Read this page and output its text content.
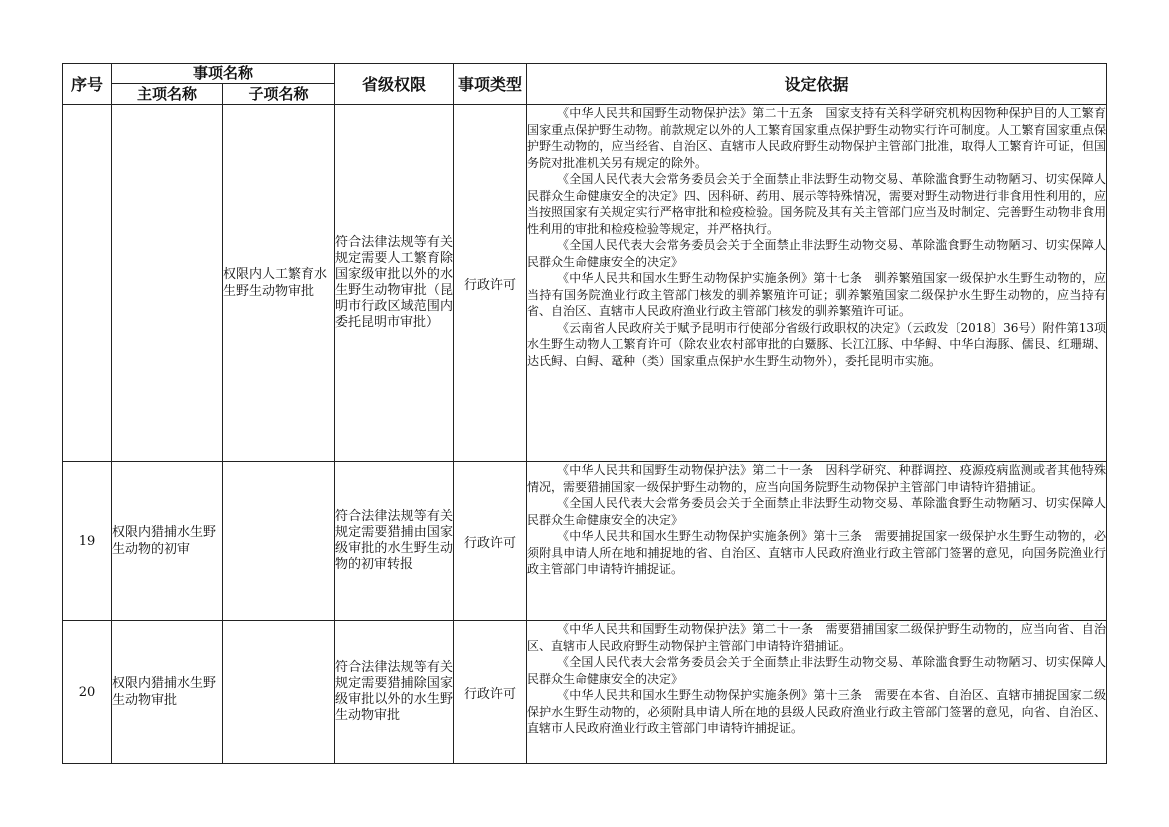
序号	事项名称		省级权限	事项类型	设定依据
	主项名称	子项名称			
		权限内人工繁育水生野生动物审批	符合法律法规等有关规定需要人工繁育除国家级审批以外的水生野生动物审批（昆明市行政区域范围内委托昆明市审批）	行政许可	《中华人民共和国野生动物保护法》第二十五条　国家支持有关科学研究机构因物种保护目的人工繁育国家重点保护野生动物。前款规定以外的人工繁育国家重点保护野生动物实行许可制度。人工繁育国家重点保护野生动物的，应当经省、自治区、直辖市人民政府野生动物保护主管部门批准，取得人工繁育许可证，但国务院对批准机关另有规定的除外。

《全国人民代表大会常务委员会关于全面禁止非法野生动物交易、革除滥食野生动物陋习、切实保障人民群众生命健康安全的决定》四、因科研、药用、展示等特殊情况，需要对野生动物进行非食用性利用的，应当按照国家有关规定实行严格审批和检疫检验。国务院及其有关主管部门应当及时制定、完善野生动物非食用性利用的审批和检疫检验等规定，并严格执行。

《全国人民代表大会常务委员会关于全面禁止非法野生动物交易、革除滥食野生动物陋习、切实保障人民群众生命健康安全的决定》

《中华人民共和国水生野生动物保护实施条例》第十七条　驯养繁殖国家一级保护水生野生动物的，应当持有国务院渔业行政主管部门核发的驯养繁殖许可证；驯养繁殖国家二级保护水生野生动物的，应当持有省、自治区、直辖市人民政府渔业行政主管部门核发的驯养繁殖许可证。

《云南省人民政府关于赋予昆明市行使部分省级行政职权的决定》（云政发〔2018〕36号）附件第13项　水生野生动物人工繁育许可（除农业农村部审批的白鱀豚、长江江豚、中华鲟、中华白海豚、儒艮、红珊瑚、达氏鲟、白鲟、鼋种（类）国家重点保护水生野生动物外），委托昆明市实施。

19	权限内猎捕水生野生动物的初审		符合法律法规等有关规定需要猎捕由国家级审批的水生野生动物的初审转报	行政许可	《中华人民共和国野生动物保护法》第二十一条　因科学研究、种群调控、疫源疫病监测或者其他特殊情况，需要猎捕国家一级保护野生动物的，应当向国务院野生动物保护主管部门申请特许猎捕证。

《全国人民代表大会常务委员会关于全面禁止非法野生动物交易、革除滥食野生动物陋习、切实保障人民群众生命健康安全的决定》

《中华人民共和国水生野生动物保护实施条例》第十三条　需要捕捉国家一级保护水生野生动物的，必须附具申请人所在地和捕捉地的省、自治区、直辖市人民政府渔业行政主管部门签署的意见，向国务院渔业行政主管部门申请特许捕捉证。

20	权限内猎捕水生野生动物审批		符合法律法规等有关规定需要猎捕除国家级审批以外的水生野生动物审批	行政许可	《中华人民共和国野生动物保护法》第二十一条　需要猎捕国家二级保护野生动物的，应当向省、自治区、直辖市人民政府野生动物保护主管部门申请特许猎捕证。

《全国人民代表大会常务委员会关于全面禁止非法野生动物交易、革除滥食野生动物陋习、切实保障人民群众生命健康安全的决定》

《中华人民共和国水生野生动物保护实施条例》第十三条　需要在本省、自治区、直辖市捕捉国家二级保护水生野生动物的，必须附具申请人所在地的县级人民政府渔业行政主管部门签署的意见，向省、自治区、直辖市人民政府渔业行政主管部门申请特许捕捉证。
